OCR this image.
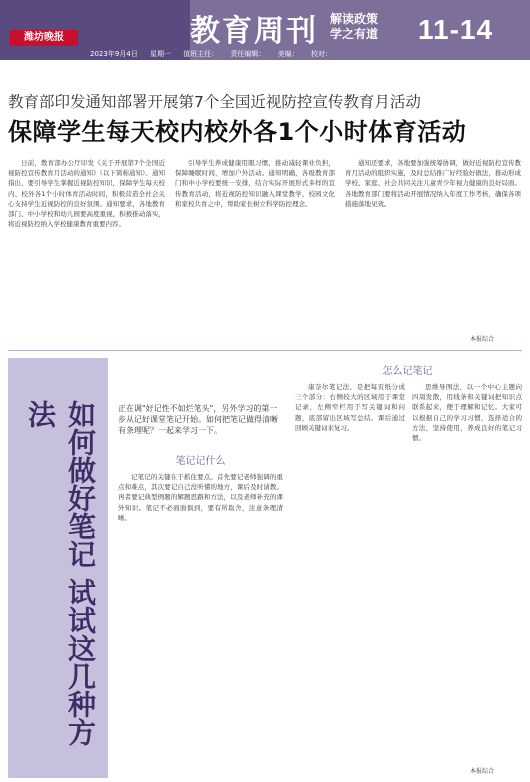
潍坊晚报	教育周刊 解读政策 学之有道	11-14
2023年9月4日 星期一 值班主任： 责任编辑： 美编： 校对：
教育部印发通知部署开展第7个全国近视防控宣传教育月活动
保障学生每天校内校外各1个小时体育活动

日前，教育部办公厅印发《关于开展第7个全国近视防控宣传教育月活动的通知》（以下简称通知）。通知指出，要引导学生掌握近视防控知识，保障学生每天校内、校外各1个小时体育活动时间，积极营造全社会关心支持学生近视防控的良好氛围。通知要求，各地教育部门、中小学校和幼儿园要高度重视，积极推动落实，将近视防控纳入学校健康教育重要内容。

引导学生养成健康用眼习惯，推动减轻课业负担，保障睡眠时间，增加户外活动。通知明确，各级教育部门和中小学校要统一安排，结合实际开展形式多样的宣传教育活动，将近视防控知识融入课堂教学、校园文化和家校共育之中，帮助家长树立科学防控理念。

通知还要求，各地要加强统筹协调，做好近视防控宣传教育月活动的组织实施，及时总结推广好经验好做法，推动形成学校、家庭、社会共同关注儿童青少年视力健康的良好局面。各地教育部门要将活动开展情况纳入年度工作考核，确保各项措施落地见效。

本报综合
如何做好笔记 试试这几种方法	正在调"好记性不如烂笔头"，另外学习的第一步从记好课堂笔记开始。如何把笔记做得清晰有条理呢？一起来学习一下。
笔记记什么

记笔记的关键在于抓住要点。首先要记老师强调的重点和难点，其次要记自己没听懂的地方，课后及时请教。再者要记典型例题的解题思路和方法，以及老师补充的课外知识。笔记不必面面俱到，要有所取舍，注意条理清晰。

怎么记笔记

康奈尔笔记法，是把每页纸分成三个部分：右侧较大的区域用于课堂记录，左侧窄栏用于写关键词和问题，底部留出区域写总结。课后通过回顾关键词来复习。

思维导图法，以一个中心主题向四周发散，用线条和关键词把知识点联系起来，便于理解和记忆。大家可以根据自己的学习习惯，选择适合的方法，坚持使用，养成良好的笔记习惯。

本报综合
